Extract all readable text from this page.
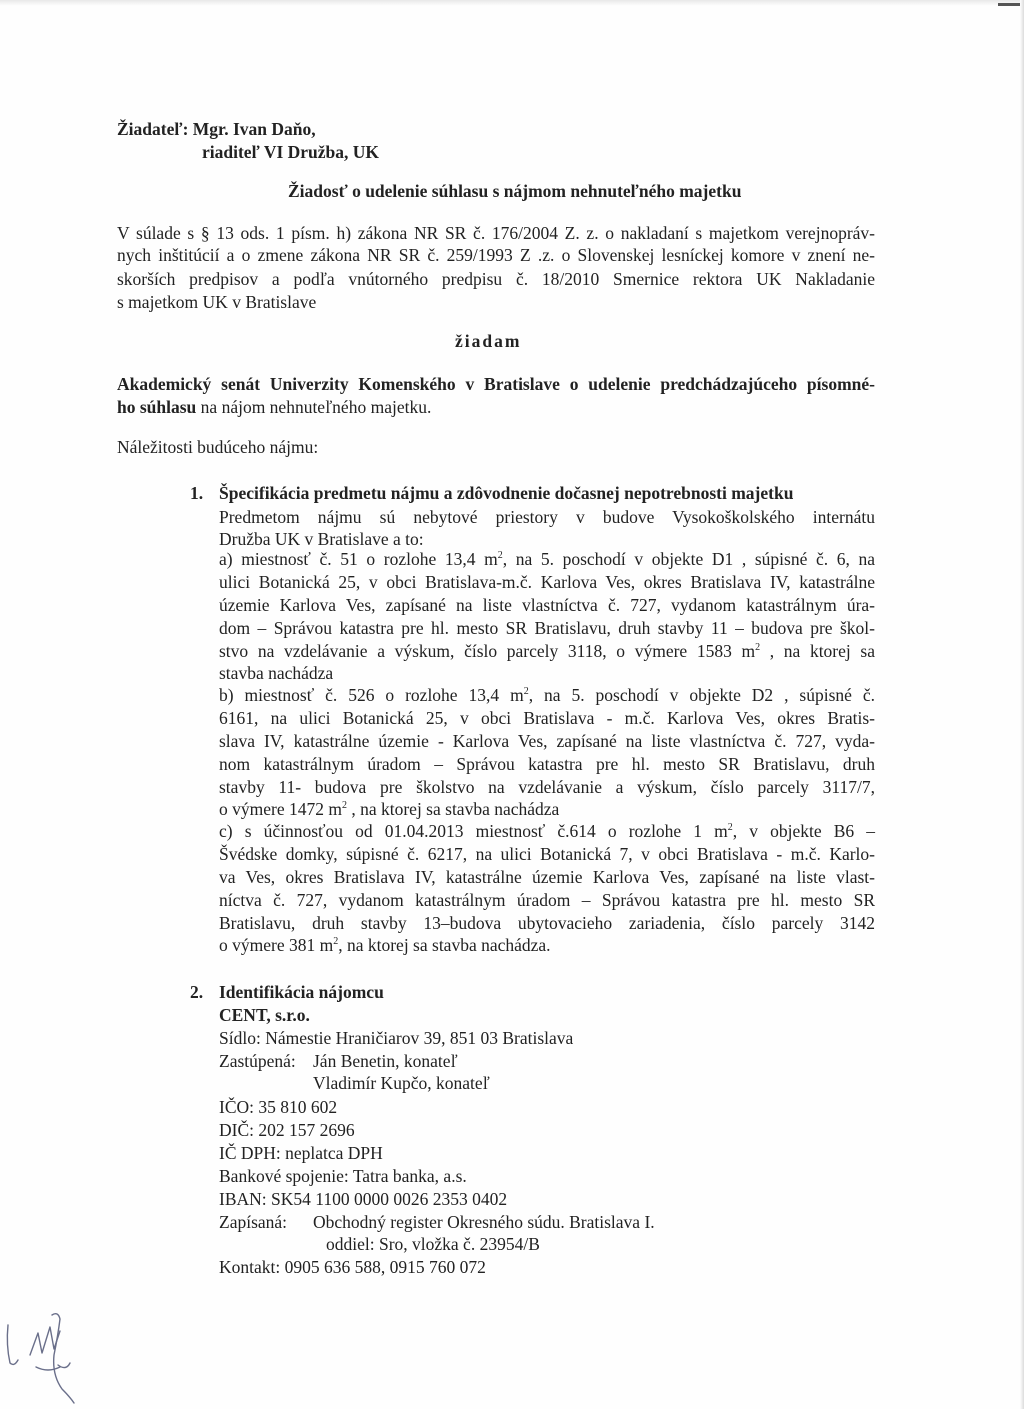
Žiadateľ: Mgr. Ivan Daňo,
riaditeľ VI Družba, UK
Žiadosť o udelenie súhlasu s nájmom nehnuteľného majetku
V súlade s § 13 ods. 1 písm. h) zákona NR SR č. 176/2004 Z. z. o nakladaní s majetkom verejnopráv-
nych inštitúcií a o zmene zákona NR SR č. 259/1993 Z .z. o Slovenskej lesníckej komore v znení ne-
skorších predpisov a podľa vnútorného predpisu č. 18/2010 Smernice rektora UK Nakladanie
s majetkom UK v Bratislave
žiadam
Akademický senát Univerzity Komenského v Bratislave o udelenie predchádzajúceho písomné-
ho súhlasu na nájom nehnuteľného majetku.
Náležitosti budúceho nájmu:
1. Špecifikácia predmetu nájmu a zdôvodnenie dočasnej nepotrebnosti majetku
Predmetom nájmu sú nebytové priestory v budove Vysokoškolského internátu
Družba UK v Bratislave a to:
a) miestnosť č. 51 o rozlohe 13,4 $m^2$, na 5. poschodí v objekte D1 , súpisné č. 6, na
ulici Botanická 25, v obci Bratislava-m.č. Karlova Ves, okres Bratislava IV, katastrálne
územie Karlova Ves, zapísané na liste vlastníctva č. 727, vydanom katastrálnym úra-
dom – Správou katastra pre hl. mesto SR Bratislavu, druh stavby 11 – budova pre škol-
stvo na vzdelávanie a výskum, číslo parcely 3118, o výmere 1583 $m^2$ , na ktorej sa
stavba nachádza
b) miestnosť č. 526 o rozlohe 13,4 $m^2$, na 5. poschodí v objekte D2 , súpisné č.
6161, na ulici Botanická 25, v obci Bratislava - m.č. Karlova Ves, okres Bratis-
slava IV, katastrálne územie - Karlova Ves, zapísané na liste vlastníctva č. 727, vyda-
nom katastrálnym úradom – Správou katastra pre hl. mesto SR Bratislavu, druh
stavby 11- budova pre školstvo na vzdelávanie a výskum, číslo parcely 3117/7,
o výmere 1472 $m^2$ , na ktorej sa stavba nachádza
c) s účinnosťou od 01.04.2013 miestnosť č.614 o rozlohe 1 $m^2$, v objekte B6 –
Švédske domky, súpisné č. 6217, na ulici Botanická 7, v obci Bratislava - m.č. Karlo-
va Ves, okres Bratislava IV, katastrálne územie Karlova Ves, zapísané na liste vlast-
níctva č. 727, vydanom katastrálnym úradom – Správou katastra pre hl. mesto SR
Bratislavu, druh stavby 13–budova ubytovacieho zariadenia, číslo parcely 3142
o výmere 381 $m^2$, na ktorej sa stavba nachádza.
2. Identifikácia nájomcu
CENT, s.r.o.
Sídlo: Námestie Hraničiarov 39, 851 03 Bratislava
Zastúpená: Ján Benetin, konateľ
Vladimír Kupčo, konateľ
IČO: 35 810 602
DIČ: 202 157 2696
IČ DPH: neplatca DPH
Bankové spojenie: Tatra banka, a.s.
IBAN: SK54 1100 0000 0026 2353 0402
Zapísaná: Obchodný register Okresného súdu. Bratislava I.
oddiel: Sro, vložka č. 23954/B
Kontakt: 0905 636 588, 0915 760 072
